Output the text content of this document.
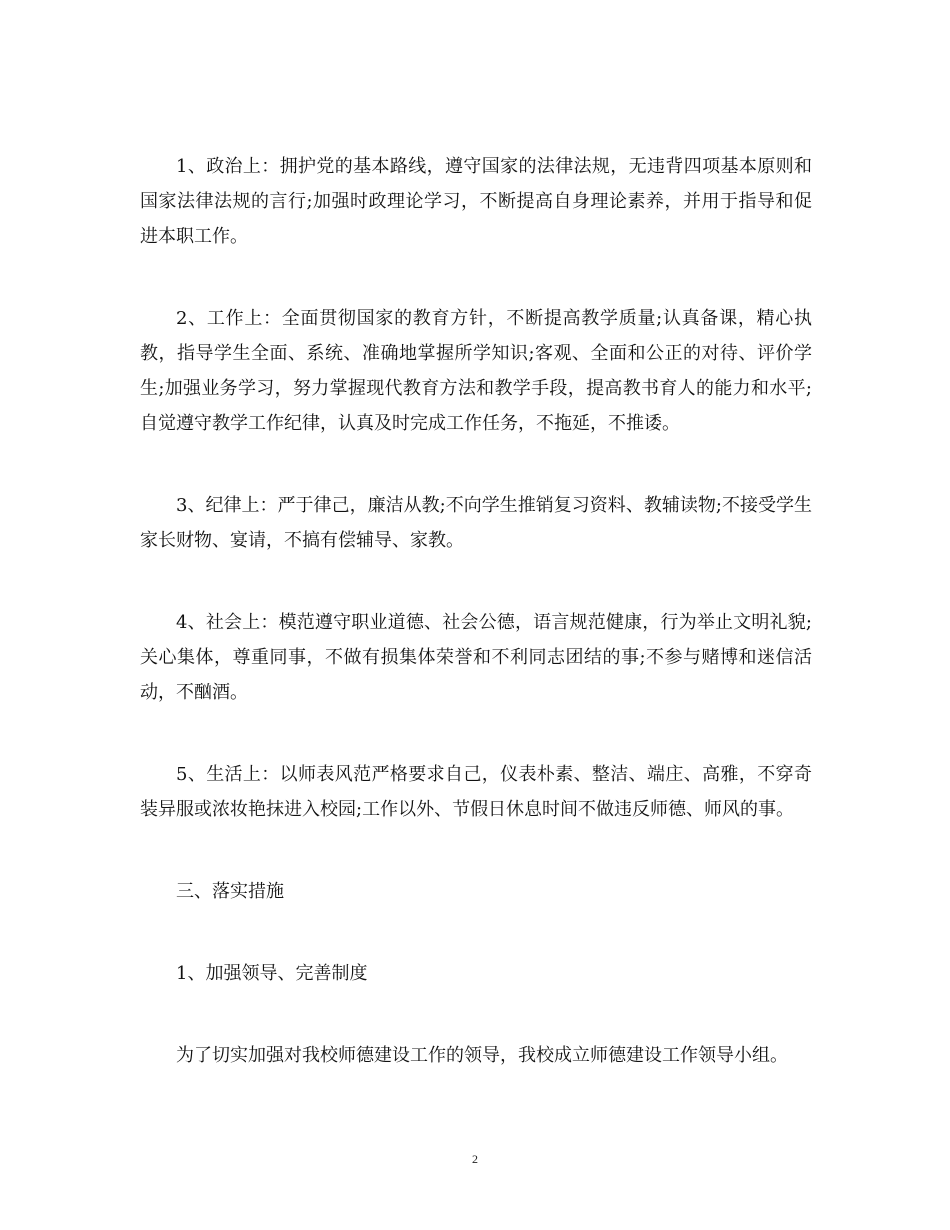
1、政治上：拥护党的基本路线，遵守国家的法律法规，无违背四项基本原则和国家法律法规的言行;加强时政理论学习，不断提高自身理论素养，并用于指导和促进本职工作。

2、工作上：全面贯彻国家的教育方针，不断提高教学质量;认真备课，精心执教，指导学生全面、系统、准确地掌握所学知识;客观、全面和公正的对待、评价学生;加强业务学习，努力掌握现代教育方法和教学手段，提高教书育人的能力和水平;自觉遵守教学工作纪律，认真及时完成工作任务，不拖延，不推诿。

3、纪律上：严于律己，廉洁从教;不向学生推销复习资料、教辅读物;不接受学生家长财物、宴请，不搞有偿辅导、家教。

4、社会上：模范遵守职业道德、社会公德，语言规范健康，行为举止文明礼貌;关心集体，尊重同事，不做有损集体荣誉和不利同志团结的事;不参与赌博和迷信活动，不酗酒。

5、生活上：以师表风范严格要求自己，仪表朴素、整洁、端庄、高雅，不穿奇装异服或浓妆艳抹进入校园;工作以外、节假日休息时间不做违反师德、师风的事。

三、落实措施

1、加强领导、完善制度

为了切实加强对我校师德建设工作的领导，我校成立师德建设工作领导小组。

2
